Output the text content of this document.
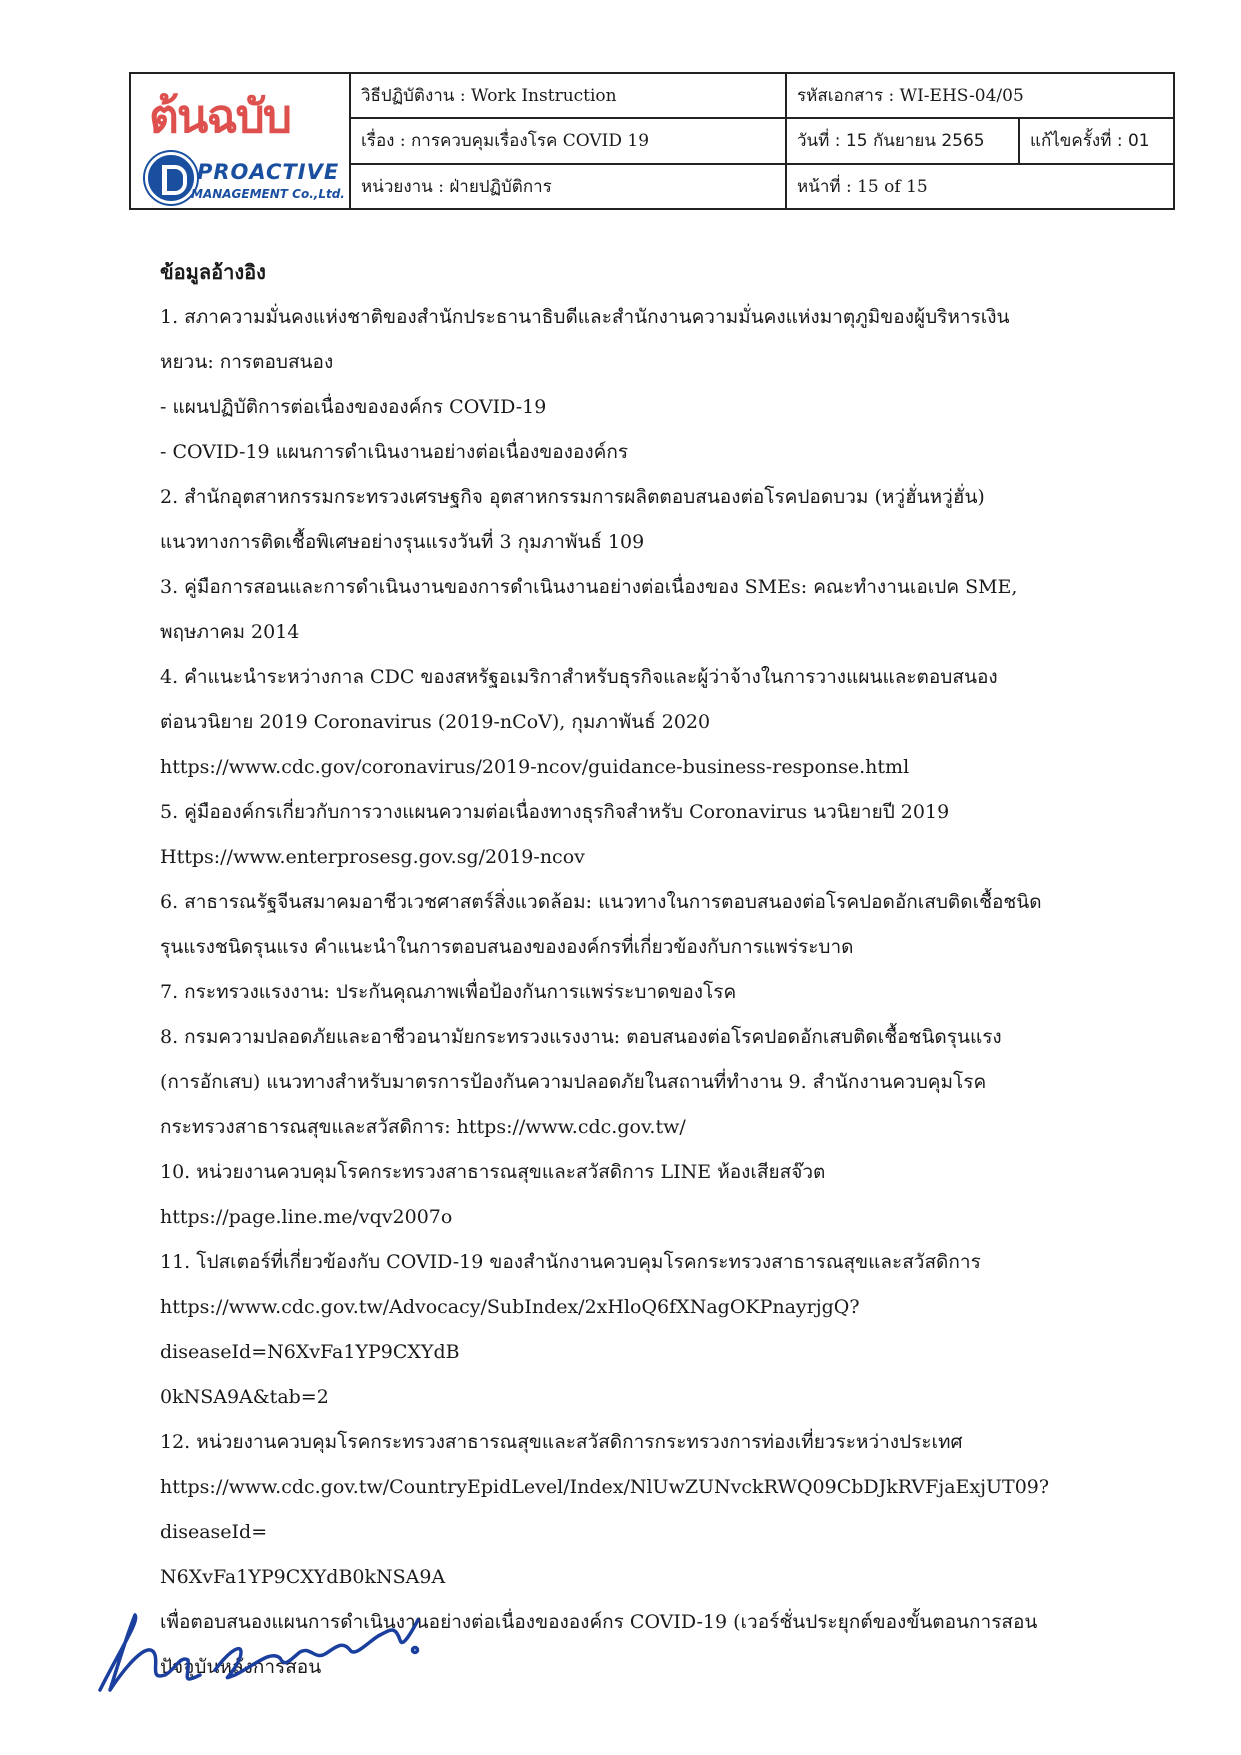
PROACTIVE
MANAGEMENT Co.,Ltd.
ต้นฉบับ	วิธีปฏิบัติงาน : Work Instruction	รหัสเอกสาร : WI-EHS-04/05	
	เรื่อง : การควบคุมเรื่องโรค COVID 19	วันที่ : 15 กันยายน 2565	แก้ไขครั้งที่ : 01
	หน่วยงาน : ฝ่ายปฏิบัติการ	หน้าที่ : 15 of 15	

ข้อมูลอ้างอิง

1. สภาความมั่นคงแห่งชาติของสำนักประธานาธิบดีและสำนักงานความมั่นคงแห่งมาตุภูมิของผู้บริหารเงิน

หยวน: การตอบสนอง

- แผนปฏิบัติการต่อเนื่องขององค์กร COVID-19

- COVID-19 แผนการดำเนินงานอย่างต่อเนื่องขององค์กร

2. สำนักอุตสาหกรรมกระทรวงเศรษฐกิจ อุตสาหกรรมการผลิตตอบสนองต่อโรคปอดบวม (หวู่ฮั่นหวู่ฮั่น)

แนวทางการติดเชื้อพิเศษอย่างรุนแรงวันที่ 3 กุมภาพันธ์ 109

3. คู่มือการสอนและการดำเนินงานของการดำเนินงานอย่างต่อเนื่องของ SMEs: คณะทำงานเอเปค SME,

พฤษภาคม 2014

4. คำแนะนำระหว่างกาล CDC ของสหรัฐอเมริกาสำหรับธุรกิจและผู้ว่าจ้างในการวางแผนและตอบสนอง

ต่อนวนิยาย 2019 Coronavirus (2019-nCoV), กุมภาพันธ์ 2020

https://www.cdc.gov/coronavirus/2019-ncov/guidance-business-response.html

5. คู่มือองค์กรเกี่ยวกับการวางแผนความต่อเนื่องทางธุรกิจสำหรับ Coronavirus นวนิยายปี 2019

Https://www.enterprosesg.gov.sg/2019-ncov

6. สาธารณรัฐจีนสมาคมอาชีวเวชศาสตร์สิ่งแวดล้อม: แนวทางในการตอบสนองต่อโรคปอดอักเสบติดเชื้อชนิด

รุนแรงชนิดรุนแรง คำแนะนำในการตอบสนองขององค์กรที่เกี่ยวข้องกับการแพร่ระบาด

7. กระทรวงแรงงาน: ประกันคุณภาพเพื่อป้องกันการแพร่ระบาดของโรค

8. กรมความปลอดภัยและอาชีวอนามัยกระทรวงแรงงาน: ตอบสนองต่อโรคปอดอักเสบติดเชื้อชนิดรุนแรง

(การอักเสบ) แนวทางสำหรับมาตรการป้องกันความปลอดภัยในสถานที่ทำงาน 9. สำนักงานควบคุมโรค

กระทรวงสาธารณสุขและสวัสดิการ: https://www.cdc.gov.tw/

10. หน่วยงานควบคุมโรคกระทรวงสาธารณสุขและสวัสดิการ LINE ห้องเสียสจ๊วต

https://page.line.me/vqv2007o

11. โปสเตอร์ที่เกี่ยวข้องกับ COVID-19 ของสำนักงานควบคุมโรคกระทรวงสาธารณสุขและสวัสดิการ

https://www.cdc.gov.tw/Advocacy/SubIndex/2xHloQ6fXNagOKPnayrjgQ?diseaseId=N6XvFa1YP9CXYdB

0kNSA9A&tab=2

12. หน่วยงานควบคุมโรคกระทรวงสาธารณสุขและสวัสดิการกระทรวงการท่องเที่ยวระหว่างประเทศ

https://www.cdc.gov.tw/CountryEpidLevel/Index/NlUwZUNvckRWQ09CbDJkRVFjaExjUT09?diseaseId=

N6XvFa1YP9CXYdB0kNSA9A

เพื่อตอบสนองแผนการดำเนินงานอย่างต่อเนื่องขององค์กร COVID-19 (เวอร์ชั่นประยุกต์ของขั้นตอนการสอน

ปัจจุบันหลังการสอน
